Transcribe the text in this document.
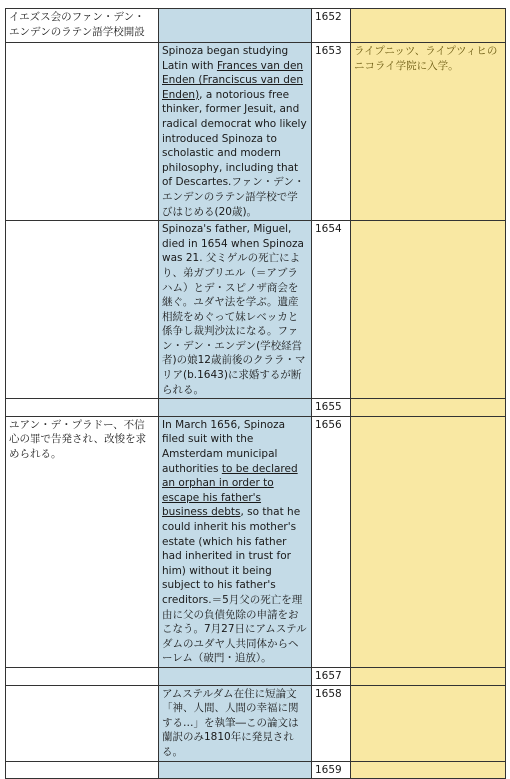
イエズス会のファン・デン・エンデンのラテン語学校開設		1652	
	Spinoza began studying Latin with Frances van den Enden (Franciscus van den Enden), a notorious free thinker, former Jesuit, and radical democrat who likely introduced Spinoza to scholastic and modern philosophy, including that of Descartes.ファン・デン・エンデンのラテン語学校で学びはじめる(20歳)。	1653	ライプニッツ、ライプツィヒのニコライ学院に入学。
	Spinoza's father, Miguel, died in 1654 when Spinoza was 21. 父ミゲルの死亡により、弟ガブリエル（＝アブラハム）とデ・スピノザ商会を継ぐ。ユダヤ法を学ぶ。遺産相続をめぐって妹レベッカと係争し裁判沙汰になる。ファン・デン・エンデン(学校経営者)の娘12歳前後のクララ・マリア(b.1643)に求婚するが断られる。	1654	
		1655	
ユアン・デ・プラドー、不信心の罪で告発され、改悛を求められる。	In March 1656, Spinoza filed suit with the Amsterdam municipal authorities to be declared an orphan in order to escape his father's business debts, so that he could inherit his mother's estate (which his father had inherited in trust for him) without it being subject to his father's creditors.＝5月父の死亡を理由に父の負債免除の申請をおこなう。7月27日にアムステルダムのユダヤ人共同体からヘーレム（破門・追放）。	1656	
		1657	
	アムステルダム在住に短論文「神、人間、人間の幸福に関する…」を執筆―この論文は蘭訳のみ1810年に発見される。	1658	
		1659	
